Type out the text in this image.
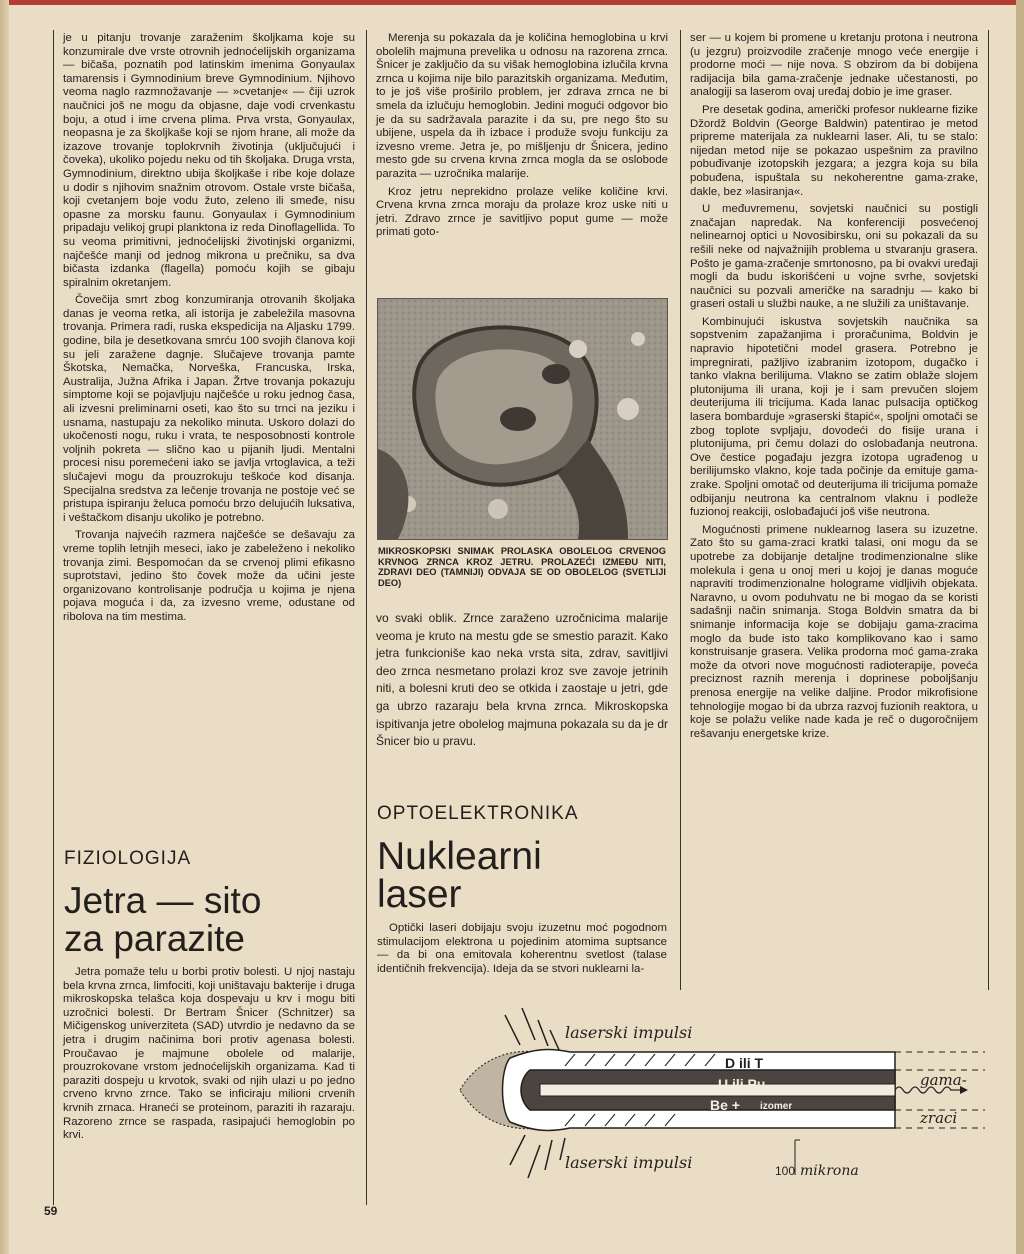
je u pitanju trovanje zaraženim školjkama koje su konzumirale dve vrste otrovnih jednoćelijskih organizama — bičaša, poznatih pod latinskim imenima Gonyaulax tamarensis i Gymnodinium breve Gymnodinium. Njihovo veoma naglo razmnožavanje — »cvetanje« — čiji uzrok naučnici još ne mogu da objasne, daje vodi crvenkastu boju, a otud i ime crvena plima. Prva vrsta, Gonyaulax, neopasna je za školjkaše koji se njom hrane, ali može da izazove trovanje toplokrvnih životinja (uključujući i čoveka), ukoliko pojedu neku od tih školjaka. Druga vrsta, Gymnodinium, direktno ubija školjkaše i ribe koje dolaze u dodir s njihovim snažnim otrovom. Ostale vrste bičaša, koji cvetanjem boje vodu žuto, zeleno ili smeđe, nisu opasne za morsku faunu. Gonyaulax i Gymnodinium pripadaju velikoj grupi planktona iz reda Dinoflagellida. To su veoma primitivni, jednoćelijski životinjski organizmi, najčešće manji od jednog mikrona u prečniku, sa dva bičasta izdanka (flagella) pomoću kojih se gibaju spiralnim okretanjem.

Čovečija smrt zbog konzumiranja otrovanih školjaka danas je veoma retka, ali istorija je zabeležila masovna trovanja. Primera radi, ruska ekspedicija na Aljasku 1799. godine, bila je desetkovana smrću 100 svojih članova koji su jeli zaražene dagnje. Slučajeve trovanja pamte Škotska, Nemačka, Norveška, Francuska, Irska, Australija, Južna Afrika i Japan. Žrtve trovanja pokazuju simptome koji se pojavljuju najčešće u roku jednog časa, ali izvesni preliminarni oseti, kao što su trnci na jeziku i usnama, nastupaju za nekoliko minuta. Uskoro dolazi do ukočenosti nogu, ruku i vrata, te nesposobnosti kontrole voljnih pokreta — slično kao u pijanih ljudi. Mentalni procesi nisu poremećeni iako se javlja vrtoglavica, a teži slučajevi mogu da prouzrokuju teškoće kod disanja. Specijalna sredstva za lečenje trovanja ne postoje već se pristupa ispiranju želuca pomoću brzo delujućih luksativa, i veštačkom disanju ukoliko je potrebno.

Trovanja najvećih razmera najčešće se dešavaju za vreme toplih letnjih meseci, iako je zabeleženo i nekoliko trovanja zimi. Bespomoćan da se crvenoj plimi efikasno suprotstavi, jedino što čovek može da učini jeste organizovano kontrolisanje područja u kojima je njena pojava moguća i da, za izvesno vreme, odustane od ribolova na tim mestima.

FIZIOLOGIJA
Jetra — sito
za parazite

Jetra pomaže telu u borbi protiv bolesti. U njoj nastaju bela krvna zrnca, limfociti, koji uništavaju bakterije i druga mikroskopska telašca koja dospevaju u krv i mogu biti uzročnici bolesti. Dr Bertram Šnicer (Schnitzer) sa Mičigenskog univerziteta (SAD) utvrdio je nedavno da se jetra i drugim načinima bori protiv agenasa bolesti. Proučavao je majmune obolele od malarije, prouzrokovane vrstom jednoćelijskih organizama. Kad ti paraziti dospeju u krvotok, svaki od njih ulazi u po jedno crveno krvno zrnce. Tako se inficiraju milioni crvenih krvnih zrnaca. Hraneći se proteinom, paraziti ih razaraju. Razoreno zrnce se raspada, rasipajući hemoglobin po krvi.

59

Merenja su pokazala da je količina hemoglobina u krvi obolelih majmuna prevelika u odnosu na razorena zrnca. Šnicer je zaključio da su višak hemoglobina izlučila krvna zrnca u kojima nije bilo parazitskih organizama. Međutim, to je još više proširilo problem, jer zdrava zrnca ne bi smela da izlučuju hemoglobin. Jedini mogući odgovor bio je da su sadržavala parazite i da su, pre nego što su ubijene, uspela da ih izbace i produže svoju funkciju za izvesno vreme. Jetra je, po mišljenju dr Šnicera, jedino mesto gde su crvena krvna zrnca mogla da se oslobode parazita — uzročnika malarije.

Kroz jetru neprekidno prolaze velike količine krvi. Crvena krvna zrnca moraju da prolaze kroz uske niti u jetri. Zdravo zrnce je savitljivo poput gume — može primati goto-

MIKROSKOPSKI SNIMAK PROLASKA OBOLELOG CRVENOG KRVNOG ZRNCA KROZ JETRU. PROLAZEĆI IZMEĐU NITI, ZDRAVI DEO (TAMNIJI) ODVAJA SE OD OBOLELOG (SVETLIJI DEO)

vo svaki oblik. Zrnce zaraženo uzročnicima malarije veoma je kruto na mestu gde se smestio parazit. Kako jetra funkcioniše kao neka vrsta sita, zdrav, savitljivi deo zrnca nesmetano prolazi kroz sve zavoje jetrinih niti, a bolesni kruti deo se otkida i zaostaje u jetri, gde ga ubrzo razaraju bela krvna zrnca. Mikroskopska ispitivanja jetre obolelog majmuna pokazala su da je dr Šnicer bio u pravu.

OPTOELEKTRONIKA
Nuklearni
laser

Optički laseri dobijaju svoju izuzetnu moć pogodnom stimulacijom elektrona u pojedinim atomima suptsance — da bi ona emitovala koherentnu svetlost (talase identičnih frekvencija). Ideja da se stvori nuklearni la-

ser — u kojem bi promene u kretanju protona i neutrona (u jezgru) proizvodile zračenje mnogo veće energije i prodorne moći — nije nova. S obzirom da bi dobijena radijacija bila gama-zračenje jednake učestanosti, po analogiji sa laserom ovaj uređaj dobio je ime graser.

Pre desetak godina, američki profesor nuklearne fizike Džordž Boldvin (George Baldwin) patentirao je metod pripreme materijala za nuklearni laser. Ali, tu se stalo: nijedan metod nije se pokazao uspešnim za pravilno pobuđivanje izotopskih jezgara; a jezgra koja su bila pobuđena, ispuštala su nekoherentne gama-zrake, dakle, bez »lasiranja«.

U međuvremenu, sovjetski naučnici su postigli značajan napredak. Na konferenciji posvećenoj nelinearnoj optici u Novosibirsku, oni su pokazali da su rešili neke od najvažnijih problema u stvaranju grasera. Pošto je gama-zračenje smrtonosno, pa bi ovakvi uređaji mogli da budu iskorišćeni u vojne svrhe, sovjetski naučnici su pozvali američke na saradnju — kako bi graseri ostali u službi nauke, a ne služili za uništavanje.

Kombinujući iskustva sovjetskih naučnika sa sopstvenim zapažanjima i proračunima, Boldvin je napravio hipotetični model grasera. Potrebno je impregnirati, pažljivo izabranim izotopom, dugačko i tanko vlakna berilijuma. Vlakno se zatim oblaže slojem plutonijuma ili urana, koji je i sam prevučen slojem deuterijuma ili tricijuma. Kada lanac pulsacija optičkog lasera bombarduje »graserski štapić«, spoljni omotači se zbog toplote svpljaju, dovodeći do fisije urana i plutonijuma, pri čemu dolazi do oslobađanja neutrona. Ove čestice pogađaju jezgra izotopa ugrađenog u berilijumsko vlakno, koje tada počinje da emituje gama-zrake. Spoljni omotač od deuterijuma ili tricijuma pomaže odbijanju neutrona ka centralnom vlaknu i podleže fuzionoj reakciji, oslobađajući još više neutrona.

Mogućnosti primene nuklearnog lasera su izuzetne. Zato što su gama-zraci kratki talasi, oni mogu da se upotrebe za dobijanje detaljne trodimenzionalne slike molekula i gena u onoj meri u kojoj je danas moguće napraviti trodimenzionalne holograme vidljivih objekata. Naravno, u ovom poduhvatu ne bi mogao da se koristi sadašnji način snimanja. Stoga Boldvin smatra da bi snimanje informacija koje se dobijaju gama-zracima moglo da bude isto tako komplikovano kao i samo konstruisanje grasera. Velika prodorna moć gama-zraka može da otvori nove mogućnosti radioterapije, poveća preciznost raznih merenja i doprinese poboljšanju prenosa energije na velike daljine. Prodor mikrofisione tehnologije mogao bi da ubrza razvoj fuzionih reaktora, u koje se polažu velike nade kada je reč o dugoročnijem rešavanju energetske krize.

D ili T
U ili Pu
Be + izomer
laserski impulsi
laserski impulsi
gama-
zraci
100 mikrona
